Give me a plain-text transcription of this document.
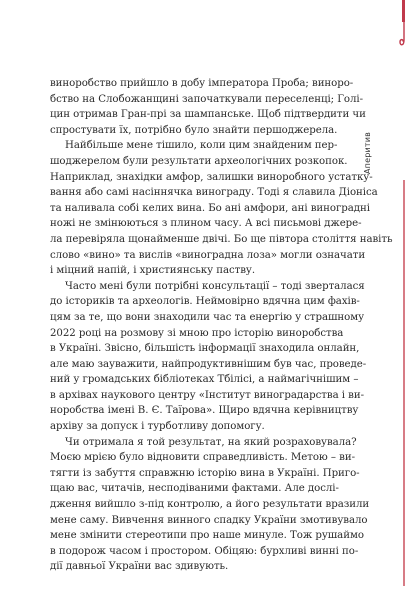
Аперитив

виноробство прийшло в добу імператора Проба; виноро-
бство на Слобожанщині започаткували переселенці; Голі-
цин отримав Гран-прі за шампанське. Щоб підтвердити чи
спростувати їх, потрібно було знайти першоджерела.

Найбільше мене тішило, коли цим знайденим пер-
шоджерелом були результати археологічних розкопок.
Наприклад, знахідки амфор, залишки виноробного устатку-
вання або самі насіннячка винограду. Тоді я славила Діоніса
та наливала собі келих вина. Бо ані амфори, ані виноградні
ножі не змінюються з плином часу. А всі письмові джере-
ла перевіряла щонайменше двічі. Бо ще півтора століття навіть
слово «вино» та вислів «виноградна лоза» могли означати
і міцний напій, і християнську паству.

Часто мені були потрібні консультації – тоді зверталася
до істориків та археологів. Неймовірно вдячна цим фахів-
цям за те, що вони знаходили час та енергію у страшному
2022 році на розмову зі мною про історію виноробства
в Україні. Звісно, більшість інформації знаходила онлайн,
але маю зауважити, найпродуктивнішим був час, проведе-
ний у громадських бібліотеках Тбілісі, а наймагічнішим –
в архівах наукового центру «Інститут виноградарства і ви-
норобства імені В. Є. Таїрова». Щиро вдячна керівництву
архіву за допуск і турботливу допомогу.

Чи отримала я той результат, на який розраховувала?
Моєю мрією було відновити справедливість. Метою – ви-
тягти із забуття справжню історію вина в Україні. Приго-
щаю вас, читачів, несподіваними фактами. Але дослі-
дження вийшло з-під контролю, а його результати вразили
мене саму. Вивчення винного спадку України змотивувало
мене змінити стереотипи про наше минуле. Тож рушаймо
в подорож часом і простором. Обіцяю: бурхливі винні по-
дії давньої України вас здивують.
